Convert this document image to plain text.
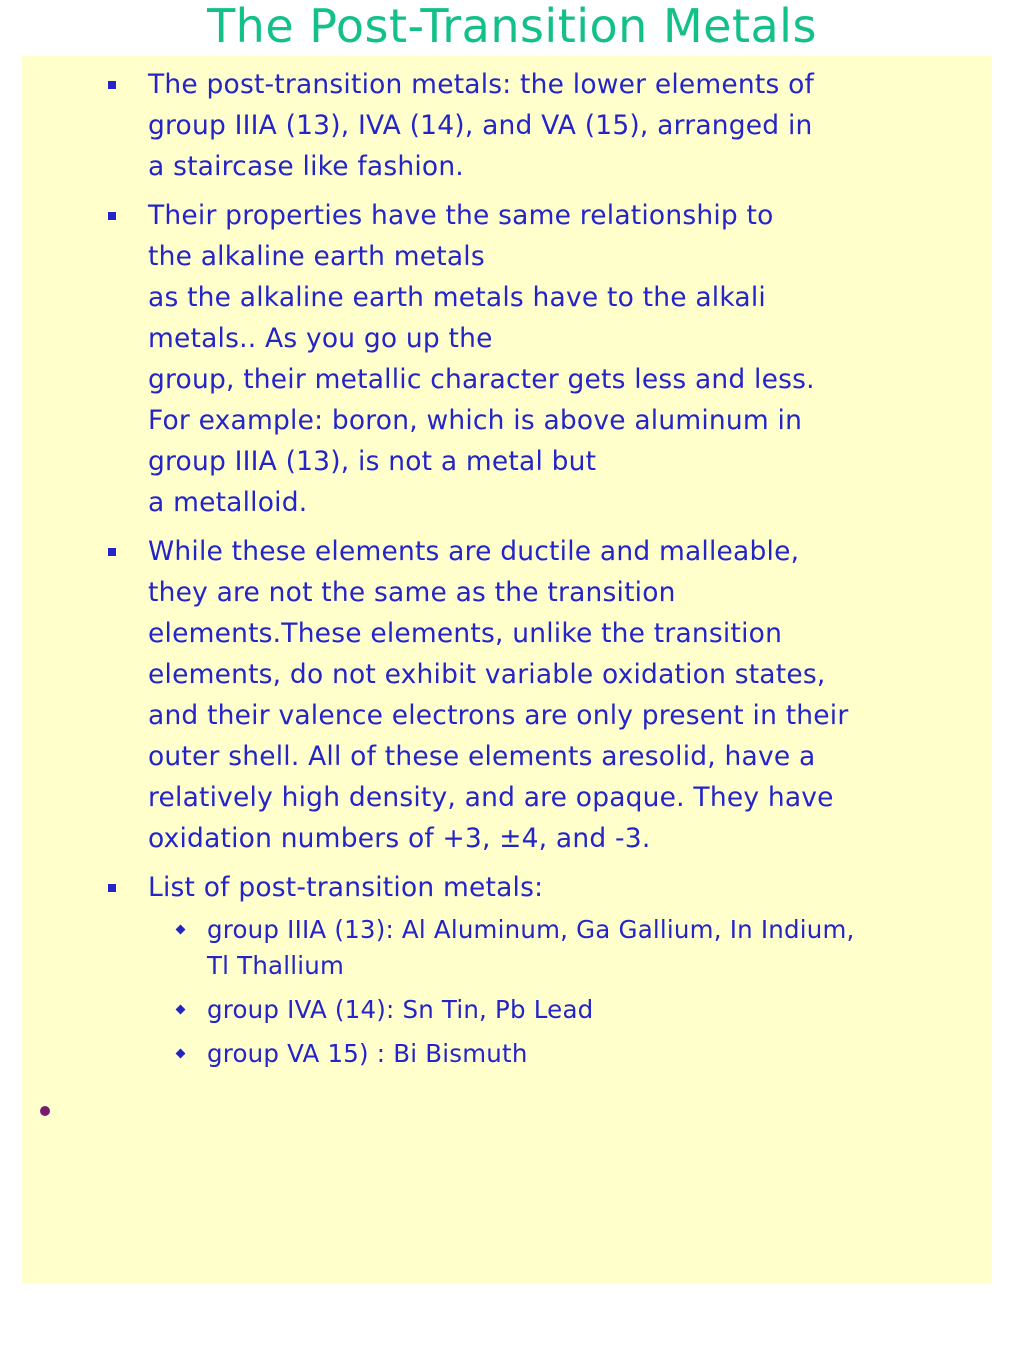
The Post-Transition Metals
The post-transition metals: the lower elements of
group IIIA (13), IVA (14), and VA (15), arranged in
a staircase like fashion.
Their properties have the same relationship to
the alkaline earth metals
as the alkaline earth metals have to the alkali
metals.. As you go up the
group, their metallic character gets less and less.
For example: boron, which is above aluminum in
group IIIA (13), is not a metal but
a metalloid.
While these elements are ductile and malleable,
they are not the same as the transition
elements.These elements, unlike the transition
elements, do not exhibit variable oxidation states,
and their valence electrons are only present in their
outer shell. All of these elements aresolid, have a
relatively high density, and are opaque. They have
oxidation numbers of +3, ±4, and -3.
List of post-transition metals:
group IIIA (13): Al Aluminum, Ga Gallium, In Indium,
Tl Thallium
group IVA (14): Sn Tin, Pb Lead
group VA 15) : Bi Bismuth
